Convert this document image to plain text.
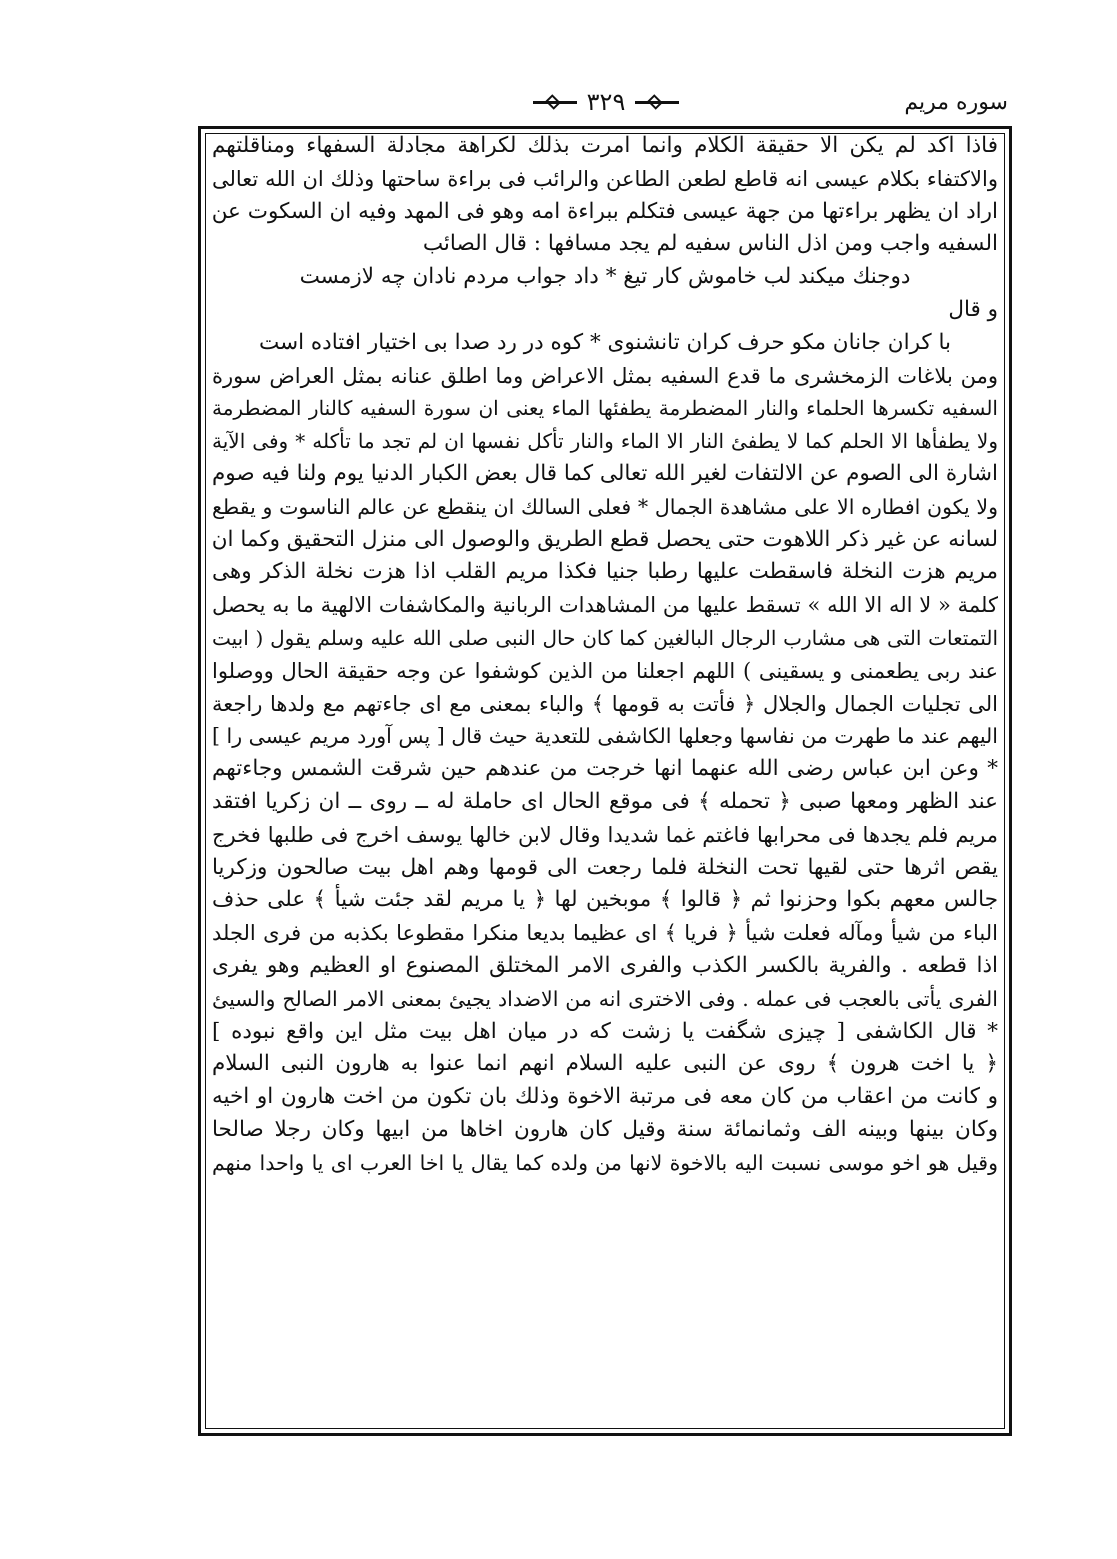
سوره مریم
٣٢٩
فاذا اكد لم يكن الا حقيقة الكلام وانما امرت بذلك لكراهة مجادلة السفهاء ومناقلتهم
والاكتفاء بكلام عيسى انه قاطع لطعن الطاعن والرائب فى براءة ساحتها وذلك ان الله تعالى
اراد ان يظهر براءتها من جهة عيسى فتكلم ببراءة امه وهو فى المهد وفيه ان السكوت عن
السفيه واجب ومن اذل الناس سفيه لم يجد مسافها : قال الصائب
دوجنك ميكند لب خاموش كار تيغ * داد جواب مردم نادان چه لازمست
و قال
با كران جانان مكو حرف كران تانشنوى * كوه در رد صدا بى اختيار افتاده است
ومن بلاغات الزمخشرى ما قدع السفيه بمثل الاعراض وما اطلق عنانه بمثل العراض سورة
السفيه تكسرها الحلماء والنار المضطرمة يطفئها الماء يعنى ان سورة السفيه كالنار المضطرمة
ولا يطفأها الا الحلم كما لا يطفئ النار الا الماء والنار تأكل نفسها ان لم تجد ما تأكله * وفى الآية
اشارة الى الصوم عن الالتفات لغير الله تعالى كما قال بعض الكبار الدنيا يوم ولنا فيه صوم
ولا يكون افطاره الا على مشاهدة الجمال * فعلى السالك ان ينقطع عن عالم الناسوت و يقطع
لسانه عن غير ذكر اللاهوت حتى يحصل قطع الطريق والوصول الى منزل التحقيق وكما ان
مريم هزت النخلة فاسقطت عليها رطبا جنيا فكذا مريم القلب اذا هزت نخلة الذكر وهى
كلمة « لا اله الا الله » تسقط عليها من المشاهدات الربانية والمكاشفات الالهية ما به يحصل
التمتعات التى هى مشارب الرجال البالغين كما كان حال النبى صلى الله عليه وسلم يقول ( ابيت
عند ربى يطعمنى و يسقينى ) اللهم اجعلنا من الذين كوشفوا عن وجه حقيقة الحال ووصلوا
الى تجليات الجمال والجلال ﴿ فأتت به قومها ﴾ والباء بمعنى مع اى جاءتهم مع ولدها راجعة
اليهم عند ما طهرت من نفاسها وجعلها الكاشفى للتعدية حيث قال [ پس آورد مريم عيسى را ]
* وعن ابن عباس رضى الله عنهما انها خرجت من عندهم حين شرقت الشمس وجاءتهم
عند الظهر ومعها صبى ﴿ تحمله ﴾ فى موقع الحال اى حاملة له ــ روى ــ ان زكريا افتقد
مريم فلم يجدها فى محرابها فاغتم غما شديدا وقال لابن خالها يوسف اخرج فى طلبها فخرج
يقص اثرها حتى لقيها تحت النخلة فلما رجعت الى قومها وهم اهل بيت صالحون وزكريا
جالس معهم بكوا وحزنوا ثم ﴿ قالوا ﴾ موبخين لها ﴿ يا مريم لقد جئت شيأ ﴾ على حذف
الباء من شيأ ومآله فعلت شيأ ﴿ فريا ﴾ اى عظيما بديعا منكرا مقطوعا بكذبه من فرى الجلد
اذا قطعه . والفرية بالكسر الكذب والفرى الامر المختلق المصنوع او العظيم وهو يفرى
الفرى يأتى بالعجب فى عمله . وفى الاخترى انه من الاضداد يجيئ بمعنى الامر الصالح والسيئ
* قال الكاشفى [ چيزى شگفت يا زشت كه در ميان اهل بيت مثل اين واقع نبوده ]
﴿ يا اخت هرون ﴾ روى عن النبى عليه السلام انهم انما عنوا به هارون النبى السلام
و كانت من اعقاب من كان معه فى مرتبة الاخوة وذلك بان تكون من اخت هارون او اخيه
وكان بينها وبينه الف وثمانمائة سنة وقيل كان هارون اخاها من ابيها وكان رجلا صالحا
وقيل هو اخو موسى نسبت اليه بالاخوة لانها من ولده كما يقال يا اخا العرب اى يا واحدا منهم
